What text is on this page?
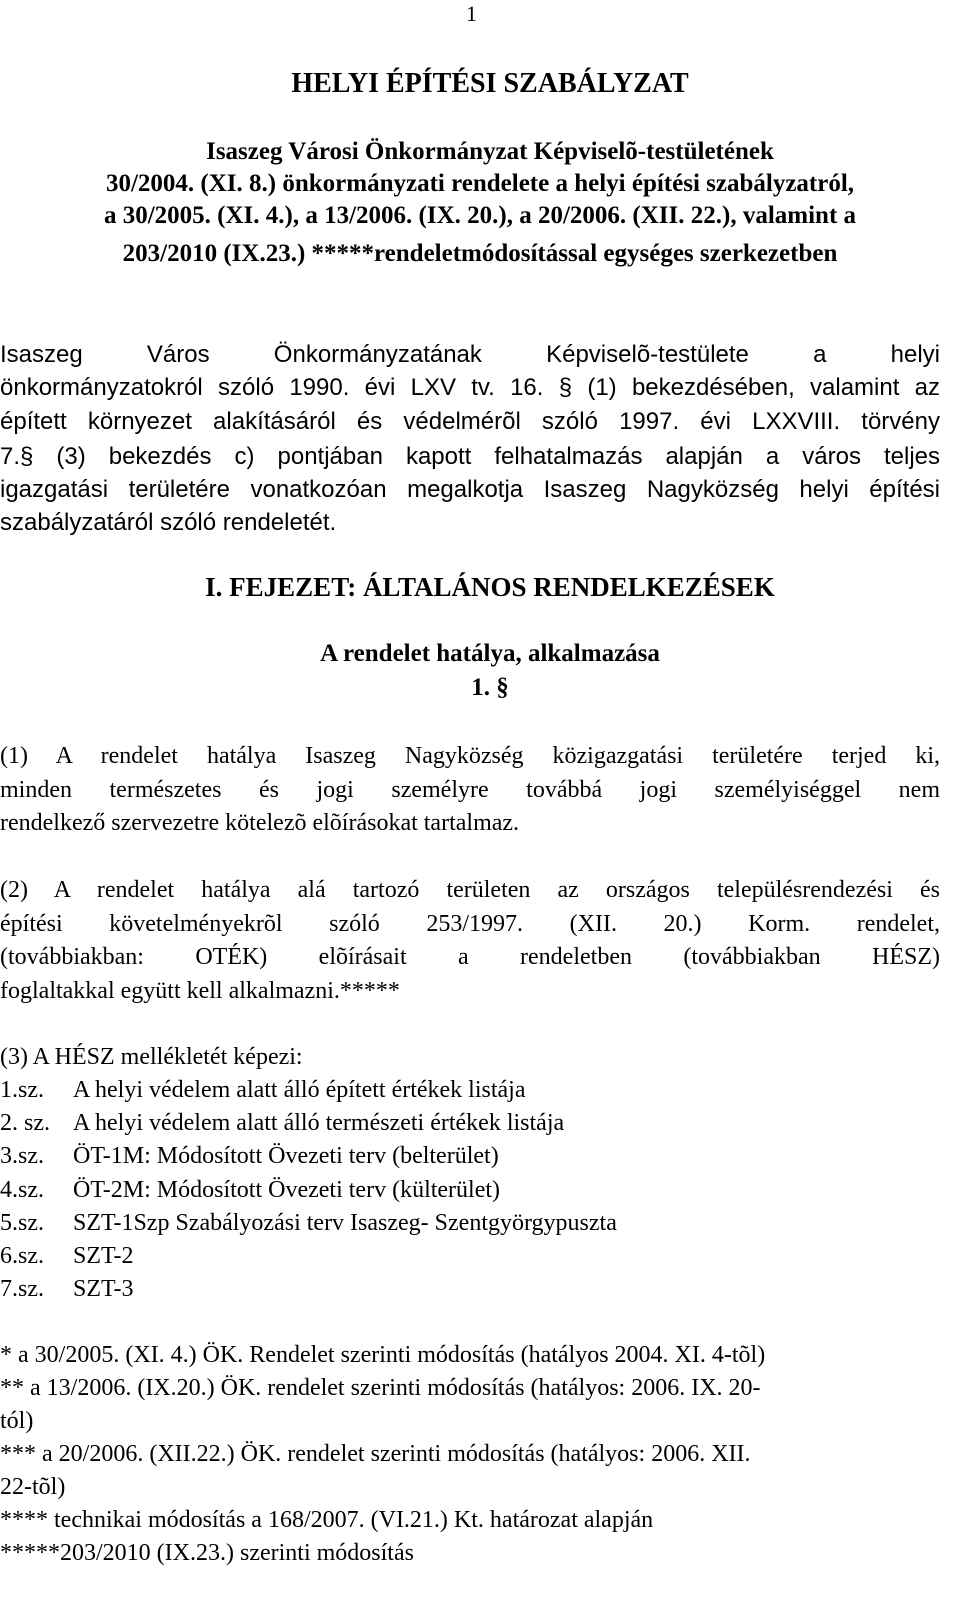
1
HELYI ÉPÍTÉSI SZABÁLYZAT
Isaszeg Városi Önkormányzat Képviselõ-testületének
30/2004. (XI. 8.) önkormányzati rendelete a helyi építési szabályzatról,
a 30/2005. (XI. 4.), a 13/2006. (IX. 20.), a 20/2006. (XII. 22.), valamint a
203/2010 (IX.23.) *****rendeletmódosítással egységes szerkezetben
Isaszeg Város Önkormányzatának Képviselõ-testülete a helyi
önkormányzatokról szóló 1990. évi LXV tv. 16. § (1) bekezdésében, valamint az
épített környezet alakításáról és védelmérõl szóló 1997. évi LXXVIII. törvény
7.§ (3) bekezdés c) pontjában kapott felhatalmazás alapján a város teljes
igazgatási területére vonatkozóan megalkotja Isaszeg Nagyközség helyi építési
szabályzatáról szóló rendeletét.
I. FEJEZET: ÁLTALÁNOS RENDELKEZÉSEK
A rendelet hatálya, alkalmazása
1. §
(1) A rendelet hatálya Isaszeg Nagyközség közigazgatási területére terjed ki,
minden természetes és jogi személyre továbbá jogi személyiséggel nem
rendelkező szervezetre kötelezõ elõírásokat tartalmaz.
(2) A rendelet hatálya alá tartozó területen az országos településrendezési és
építési követelményekrõl szóló 253/1997. (XII. 20.) Korm. rendelet,
(továbbiakban: OTÉK) elõírásait a rendeletben (továbbiakban HÉSZ)
foglaltakkal együtt kell alkalmazni.*****
(3) A HÉSZ mellékletét képezi:
1.sz. A helyi védelem alatt álló épített értékek listája
2. sz. A helyi védelem alatt álló természeti értékek listája
3.sz. ÖT-1M: Módosított Övezeti terv (belterület)
4.sz. ÖT-2M: Módosított Övezeti terv (külterület)
5.sz. SZT-1Szp Szabályozási terv Isaszeg- Szentgyörgypuszta
6.sz. SZT-2
7.sz. SZT-3
* a 30/2005. (XI. 4.) ÖK. Rendelet szerinti módosítás (hatályos 2004. XI. 4-tõl)
** a 13/2006. (IX.20.) ÖK. rendelet szerinti módosítás (hatályos: 2006. IX. 20-
tól)
*** a 20/2006. (XII.22.) ÖK. rendelet szerinti módosítás (hatályos: 2006. XII.
22-tõl)
**** technikai módosítás a 168/2007. (VI.21.) Kt. határozat alapján
*****203/2010 (IX.23.) szerinti módosítás
